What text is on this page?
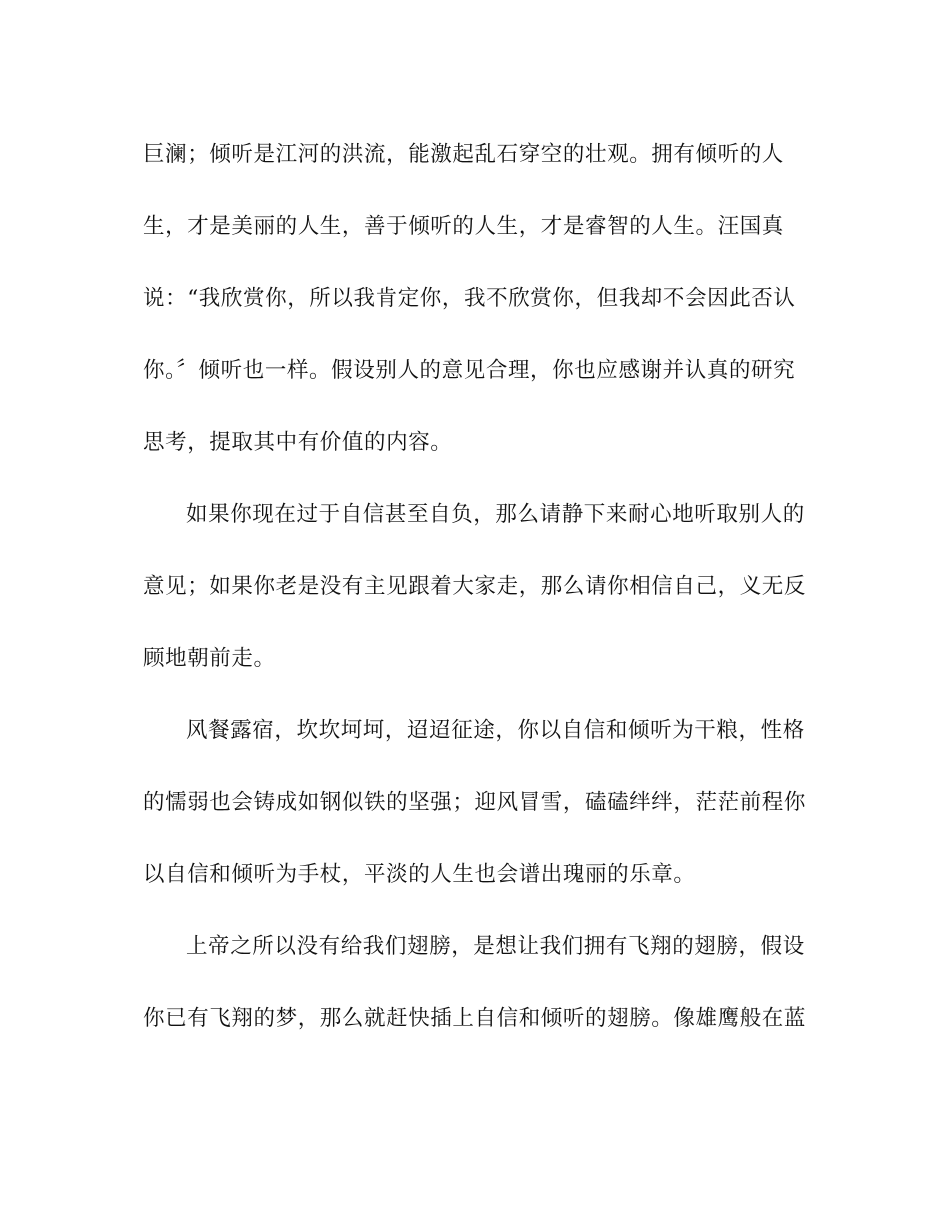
巨澜；倾听是江河的洪流，能激起乱石穿空的壮观。拥有倾听的人
生，才是美丽的人生，善于倾听的人生，才是睿智的人生。汪国真
说：“我欣赏你，所以我肯定你，我不欣赏你，但我却不会因此否认
你。〞倾听也一样。假设别人的意见合理，你也应感谢并认真的研究
思考，提取其中有价值的内容。
如果你现在过于自信甚至自负，那么请静下来耐心地听取别人的
意见；如果你老是没有主见跟着大家走，那么请你相信自己，义无反
顾地朝前走。
风餐露宿，坎坎坷坷，迢迢征途，你以自信和倾听为干粮，性格
的懦弱也会铸成如钢似铁的坚强；迎风冒雪，磕磕绊绊，茫茫前程你
以自信和倾听为手杖，平淡的人生也会谱出瑰丽的乐章。
上帝之所以没有给我们翅膀，是想让我们拥有飞翔的翅膀，假设
你已有飞翔的梦，那么就赶快插上自信和倾听的翅膀。像雄鹰般在蓝
